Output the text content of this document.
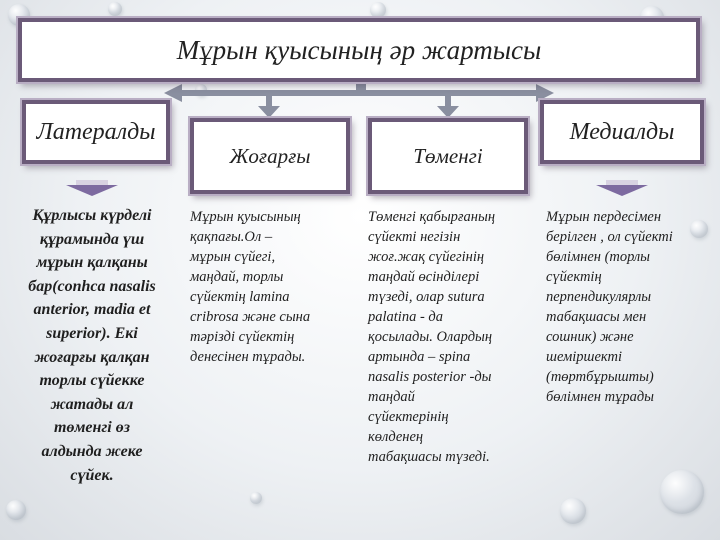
Мұрын қуысының әр жартысы
Латералды
Жоғарғы	Төменгі
Медиалды
Құрлысы күрделі
құрамында үш
мұрын қалқаны
бар(conhca nasalis
anterior, madia et
superior). Екі
жоғарғы қалқан
торлы сүйекке
жатады ал
төменгі өз
алдында жеке
сүйек.
Мұрын қуысының
қақпағы.Ол –
мұрын сүйегі,
маңдай, торлы
сүйектің lamina
cribrosa және сына
тәрізді сүйектің
денесінен тұрады.
Төменгі қабырғаның
сүйекті негізін
жоғ.жақ сүйегінің
таңдай өсінділері
түзеді, олар sutura
palatina - да
қосылады. Олардың
артында – spina
nasalis posterior -ды
таңдай
сүйектерінің
көлденең
табақшасы түзеді.
Мұрын пердесімен
берілген , ол сүйекті
бөлімнен (торлы
сүйектің
перпендикулярлы
табақшасы мен
сошник) және
шеміршекті
(төртбұрышты)
бөлімнен тұрады
